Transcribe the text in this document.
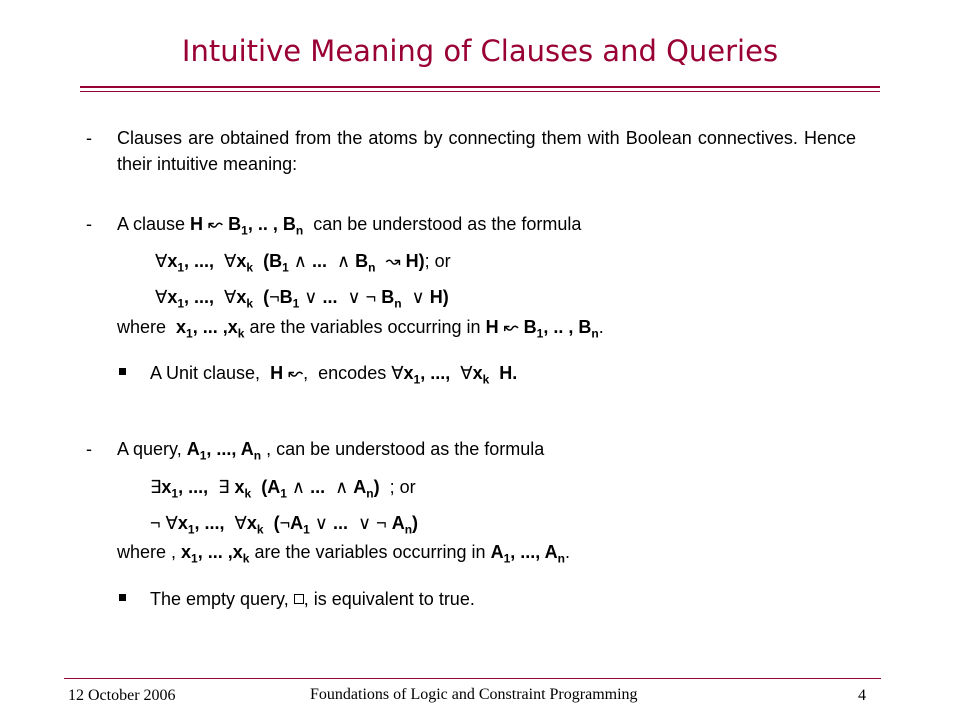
Intuitive Meaning of Clauses and Queries
- Clauses are obtained from the atoms by connecting them with Boolean connectives. Hence their intuitive meaning:
- A clause H ↜ $B_1$, .. , $B_n$  can be understood as the formula
$\forall x_1$, ...,  $\forall x_k$ ($B_1$ ∧ ...  ∧ $B_n$  ↝ H); or
$\forall x_1$, ...,  $\forall x_k$ ($\neg B_1$ ∨ ...  ∨ ¬ $B_n$  ∨ H)
where  $x_1$, ... $,x_k$ are the variables occurring in H ↜ $B_1$, .. , $B_n$.
A Unit clause,  H ↜,  encodes $\forall x_1$, ...,  $\forall x_k$ H.
- A query, $A_1$, ..., $A_n$ , can be understood as the formula
$\exists x_1$, ...,  ∃ $x_k$ ($A_1$ ∧ ...  ∧ $A_n$)  ; or
¬ $\forall x_1$, ...,  $\forall x_k$ ($\neg A_1$ ∨ ...  ∨ ¬ $A_n$)
where , $x_1$, ... $,x_k$ are the variables occurring in $A_1$, ..., $A_n$.
The empty query, , is equivalent to true.
12 October 2006	Foundations of Logic and Constraint Programming	4
